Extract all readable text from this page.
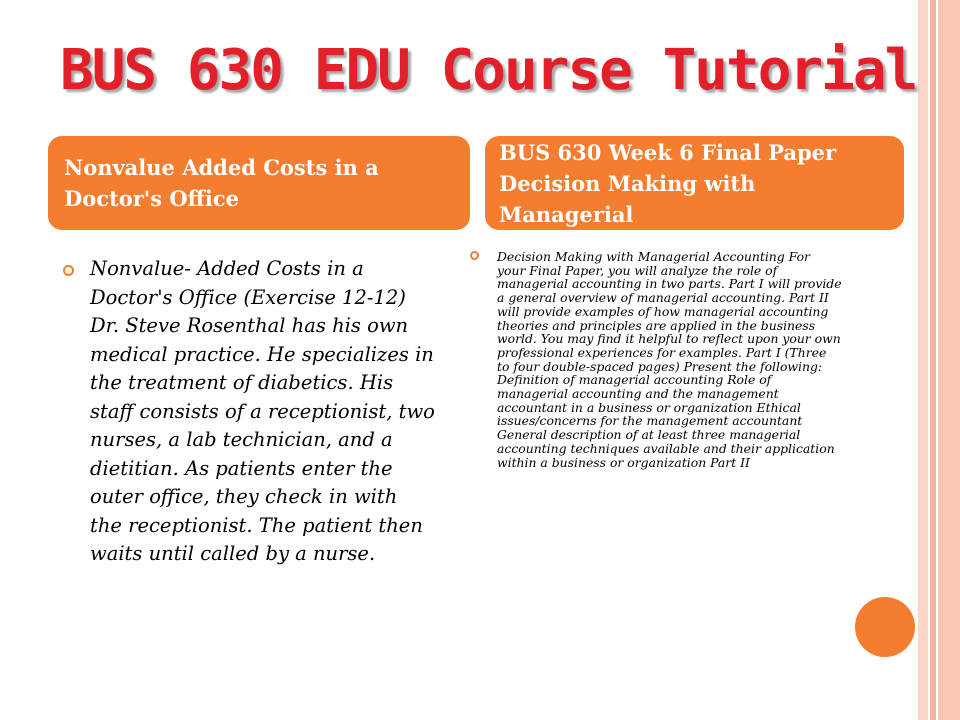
BUS 630 EDU Course Tutorial
Nonvalue Added Costs in a Doctor's Office
BUS 630 Week 6 Final Paper Decision Making with Managerial
Nonvalue- Added Costs in a Doctor's Office (Exercise 12-12) Dr. Steve Rosenthal has his own medical practice. He specializes in the treatment of diabetics. His staff consists of a receptionist, two nurses, a lab technician, and a dietitian. As patients enter the outer office, they check in with the receptionist. The patient then waits until called by a nurse.
Decision Making with Managerial Accounting For your Final Paper, you will analyze the role of managerial accounting in two parts. Part I will provide a general overview of managerial accounting. Part II will provide examples of how managerial accounting theories and principles are applied in the business world. You may find it helpful to reflect upon your own professional experiences for examples. Part I (Three to four double-spaced pages) Present the following: Definition of managerial accounting Role of managerial accounting and the management accountant in a business or organization Ethical issues/concerns for the management accountant General description of at least three managerial accounting techniques available and their application within a business or organization Part II
